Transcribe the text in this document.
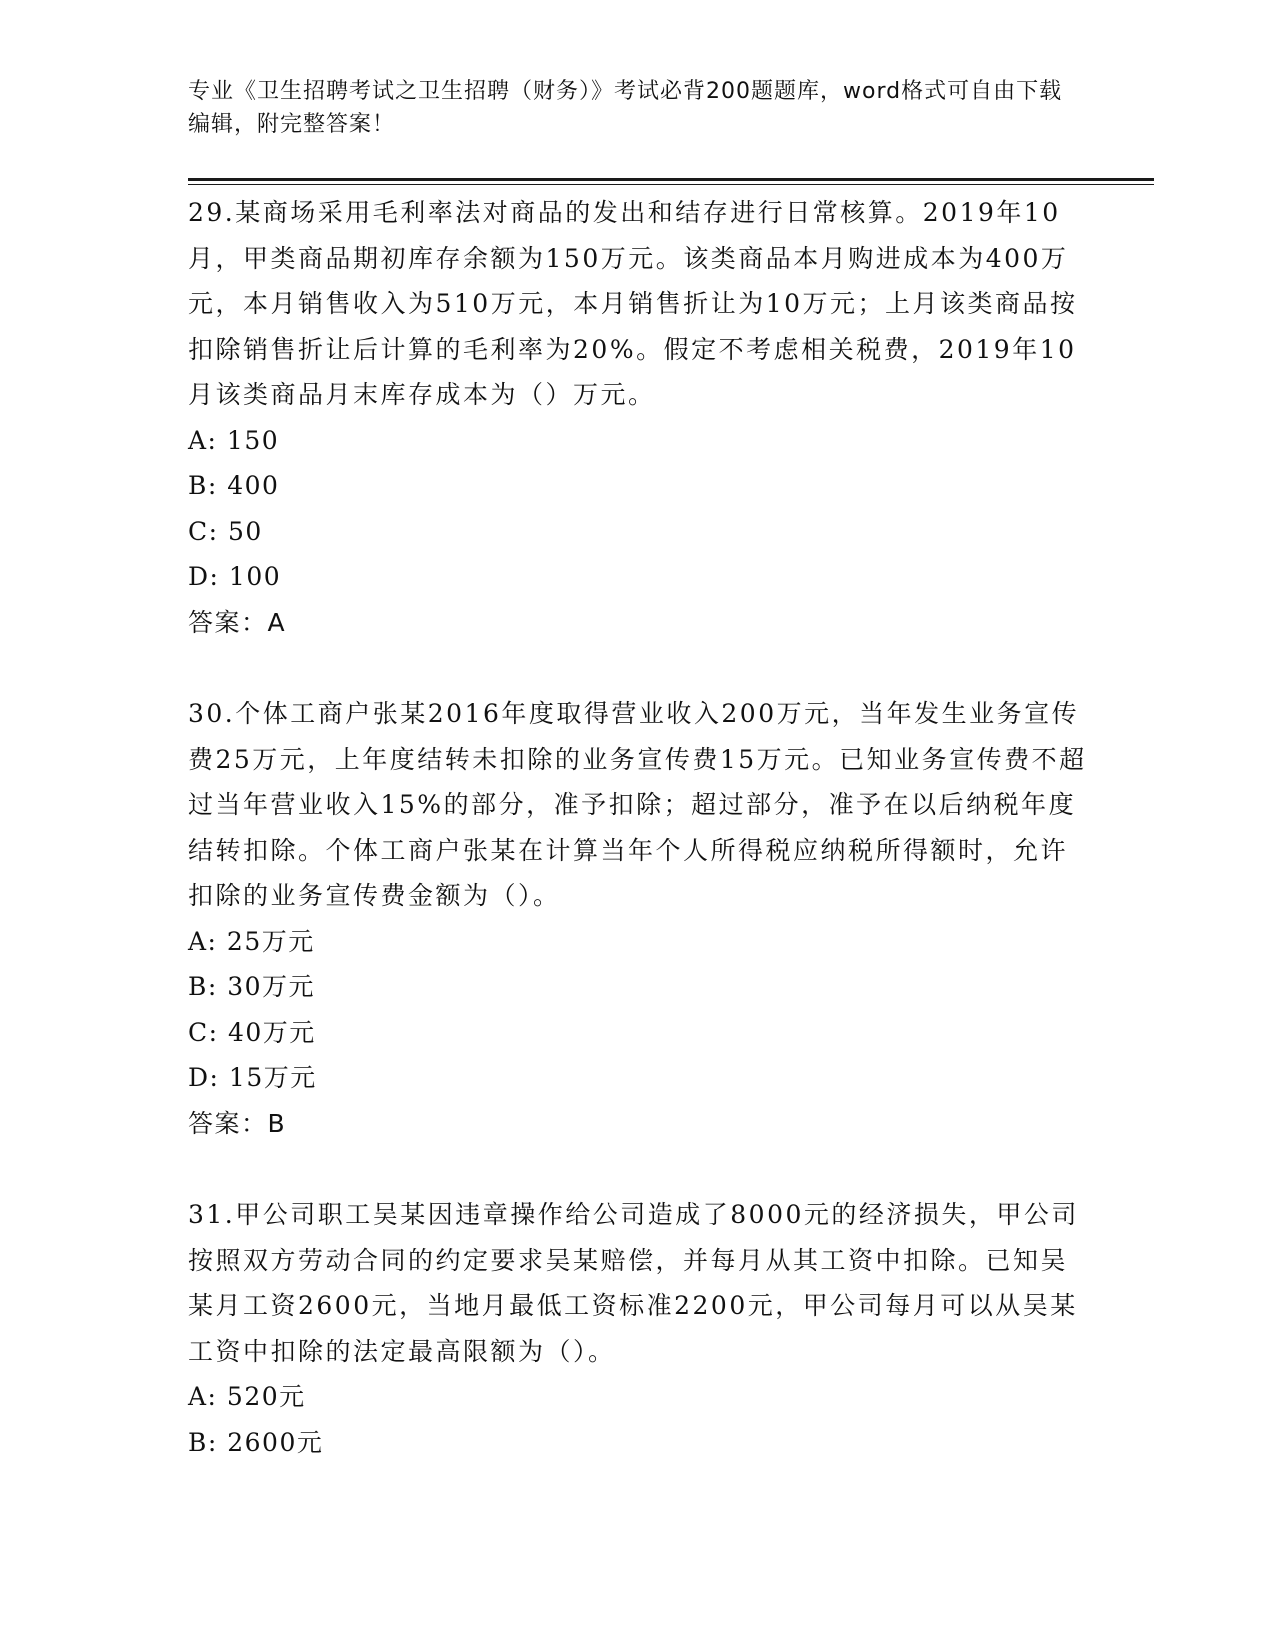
专业《卫生招聘考试之卫生招聘（财务）》考试必背200题题库，word格式可自由下载编辑，附完整答案！

29.某商场采用毛利率法对商品的发出和结存进行日常核算。2019年10月，甲类商品期初库存余额为150万元。该类商品本月购进成本为400万元，本月销售收入为510万元，本月销售折让为10万元；上月该类商品按扣除销售折让后计算的毛利率为20%。假定不考虑相关税费，2019年10月该类商品月末库存成本为（）万元。

A: 150

B: 400

C: 50

D: 100

答案：A

30.个体工商户张某2016年度取得营业收入200万元，当年发生业务宣传费25万元，上年度结转未扣除的业务宣传费15万元。已知业务宣传费不超过当年营业收入15%的部分，准予扣除；超过部分，准予在以后纳税年度结转扣除。个体工商户张某在计算当年个人所得税应纳税所得额时，允许扣除的业务宣传费金额为（）。

A: 25万元

B: 30万元

C: 40万元

D: 15万元

答案：B

31.甲公司职工吴某因违章操作给公司造成了8000元的经济损失，甲公司按照双方劳动合同的约定要求吴某赔偿，并每月从其工资中扣除。已知吴某月工资2600元，当地月最低工资标准2200元，甲公司每月可以从吴某工资中扣除的法定最高限额为（）。

A: 520元

B: 2600元
